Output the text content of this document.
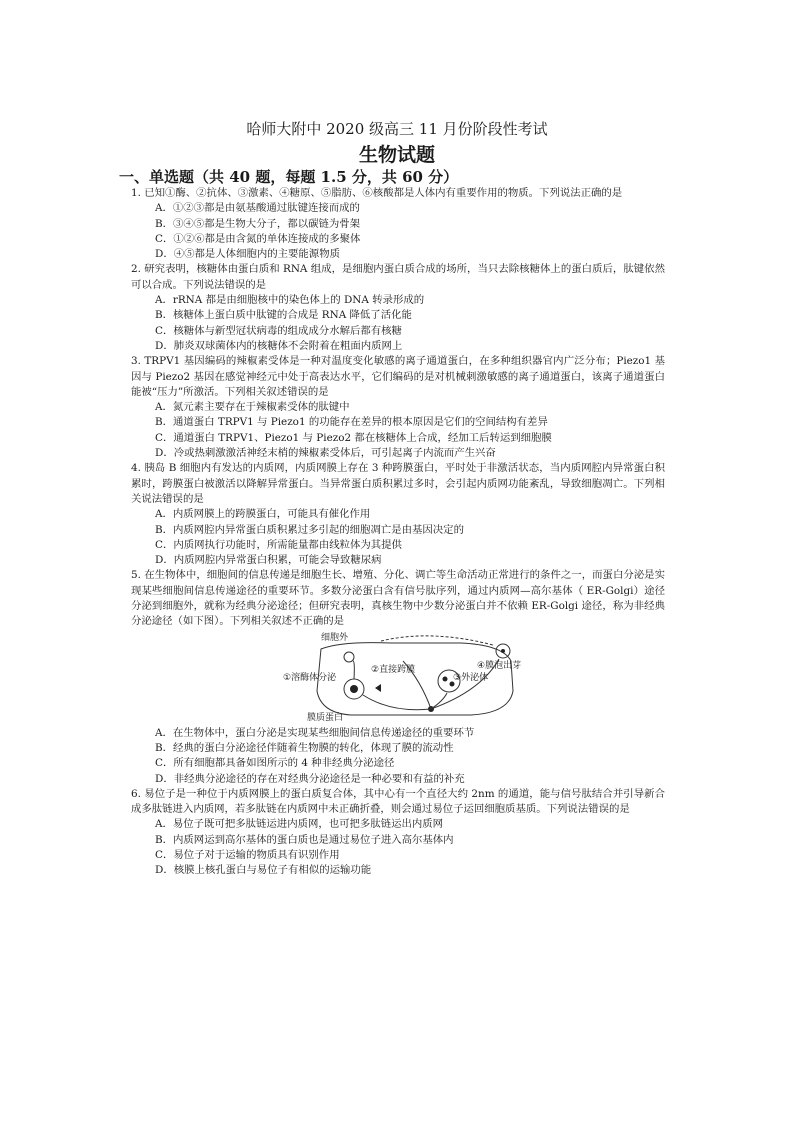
哈师大附中 2020 级高三 11 月份阶段性考试
生物试题
一、单选题（共 40 题，每题 1.5 分，共 60 分）

1. 已知①酶、②抗体、③激素、④糖原、⑤脂肪、⑥核酸都是人体内有重要作用的物质。下列说法正确的是

A．①②③都是由氨基酸通过肽键连接而成的

B．③④⑤都是生物大分子，都以碳链为骨架

C．①②⑥都是由含氮的单体连接成的多聚体

D．④⑤都是人体细胞内的主要能源物质

2. 研究表明，核糖体由蛋白质和 RNA 组成，是细胞内蛋白质合成的场所，当只去除核糖体上的蛋白质后，肽键依然可以合成。下列说法错误的是

A．rRNA 都是由细胞核中的染色体上的 DNA 转录形成的

B．核糖体上蛋白质中肽键的合成是 RNA 降低了活化能

C．核糖体与新型冠状病毒的组成成分水解后都有核糖

D．肺炎双球菌体内的核糖体不会附着在粗面内质网上

3. TRPV1 基因编码的辣椒素受体是一种对温度变化敏感的离子通道蛋白，在多种组织器官内广泛分布；Piezo1 基因与 Piezo2 基因在感觉神经元中处于高表达水平，它们编码的是对机械刺激敏感的离子通道蛋白，该离子通道蛋白能被“压力”所激活。下列相关叙述错误的是

A．氮元素主要存在于辣椒素受体的肽键中

B．通道蛋白 TRPV1 与 Piezo1 的功能存在差异的根本原因是它们的空间结构有差异

C．通道蛋白 TRPV1、Piezo1 与 Piezo2 都在核糖体上合成，经加工后转运到细胞膜

D．冷或热刺激激活神经末梢的辣椒素受体后，可引起离子内流而产生兴奋

4. 胰岛 B 细胞内有发达的内质网，内质网膜上存在 3 种跨膜蛋白，平时处于非激活状态，当内质网腔内异常蛋白积累时，跨膜蛋白被激活以降解异常蛋白。当异常蛋白质积累过多时，会引起内质网功能紊乱，导致细胞凋亡。下列相关说法错误的是

A．内质网膜上的跨膜蛋白，可能具有催化作用

B．内质网腔内异常蛋白质积累过多引起的细胞凋亡是由基因决定的

C．内质网执行功能时，所需能量都由线粒体为其提供

D．内质网腔内异常蛋白积累，可能会导致糖尿病

5. 在生物体中，细胞间的信息传递是细胞生长、增殖、分化、调亡等生命活动正常进行的条件之一，而蛋白分泌是实现某些细胞间信息传递途径的重要环节。多数分泌蛋白含有信号肽序列，通过内质网—高尔基体（ ER-Golgi）途径分泌到细胞外，就称为经典分泌途径；但研究表明，真核生物中少数分泌蛋白并不依赖 ER-Golgi 途径，称为非经典分泌途径（如下图）。下列相关叙述不正确的是

细胞外
①溶酶体分泌
②直接跨膜
③外泌体
④膜泡出芽
膜质蛋白

A．在生物体中，蛋白分泌是实现某些细胞间信息传递途径的重要环节

B．经典的蛋白分泌途径伴随着生物膜的转化，体现了膜的流动性

C．所有细胞都具备如图所示的 4 种非经典分泌途径

D．非经典分泌途径的存在对经典分泌途径是一种必要和有益的补充

6. 易位子是一种位于内质网膜上的蛋白质复合体，其中心有一个直径大约 2nm 的通道，能与信号肽结合并引导新合成多肽链进入内质网，若多肽链在内质网中未正确折叠，则会通过易位子运回细胞质基质。下列说法错误的是

A．易位子既可把多肽链运进内质网，也可把多肽链运出内质网

B．内质网运到高尔基体的蛋白质也是通过易位子进入高尔基体内

C．易位子对于运输的物质具有识别作用

D．核膜上核孔蛋白与易位子有相似的运输功能
